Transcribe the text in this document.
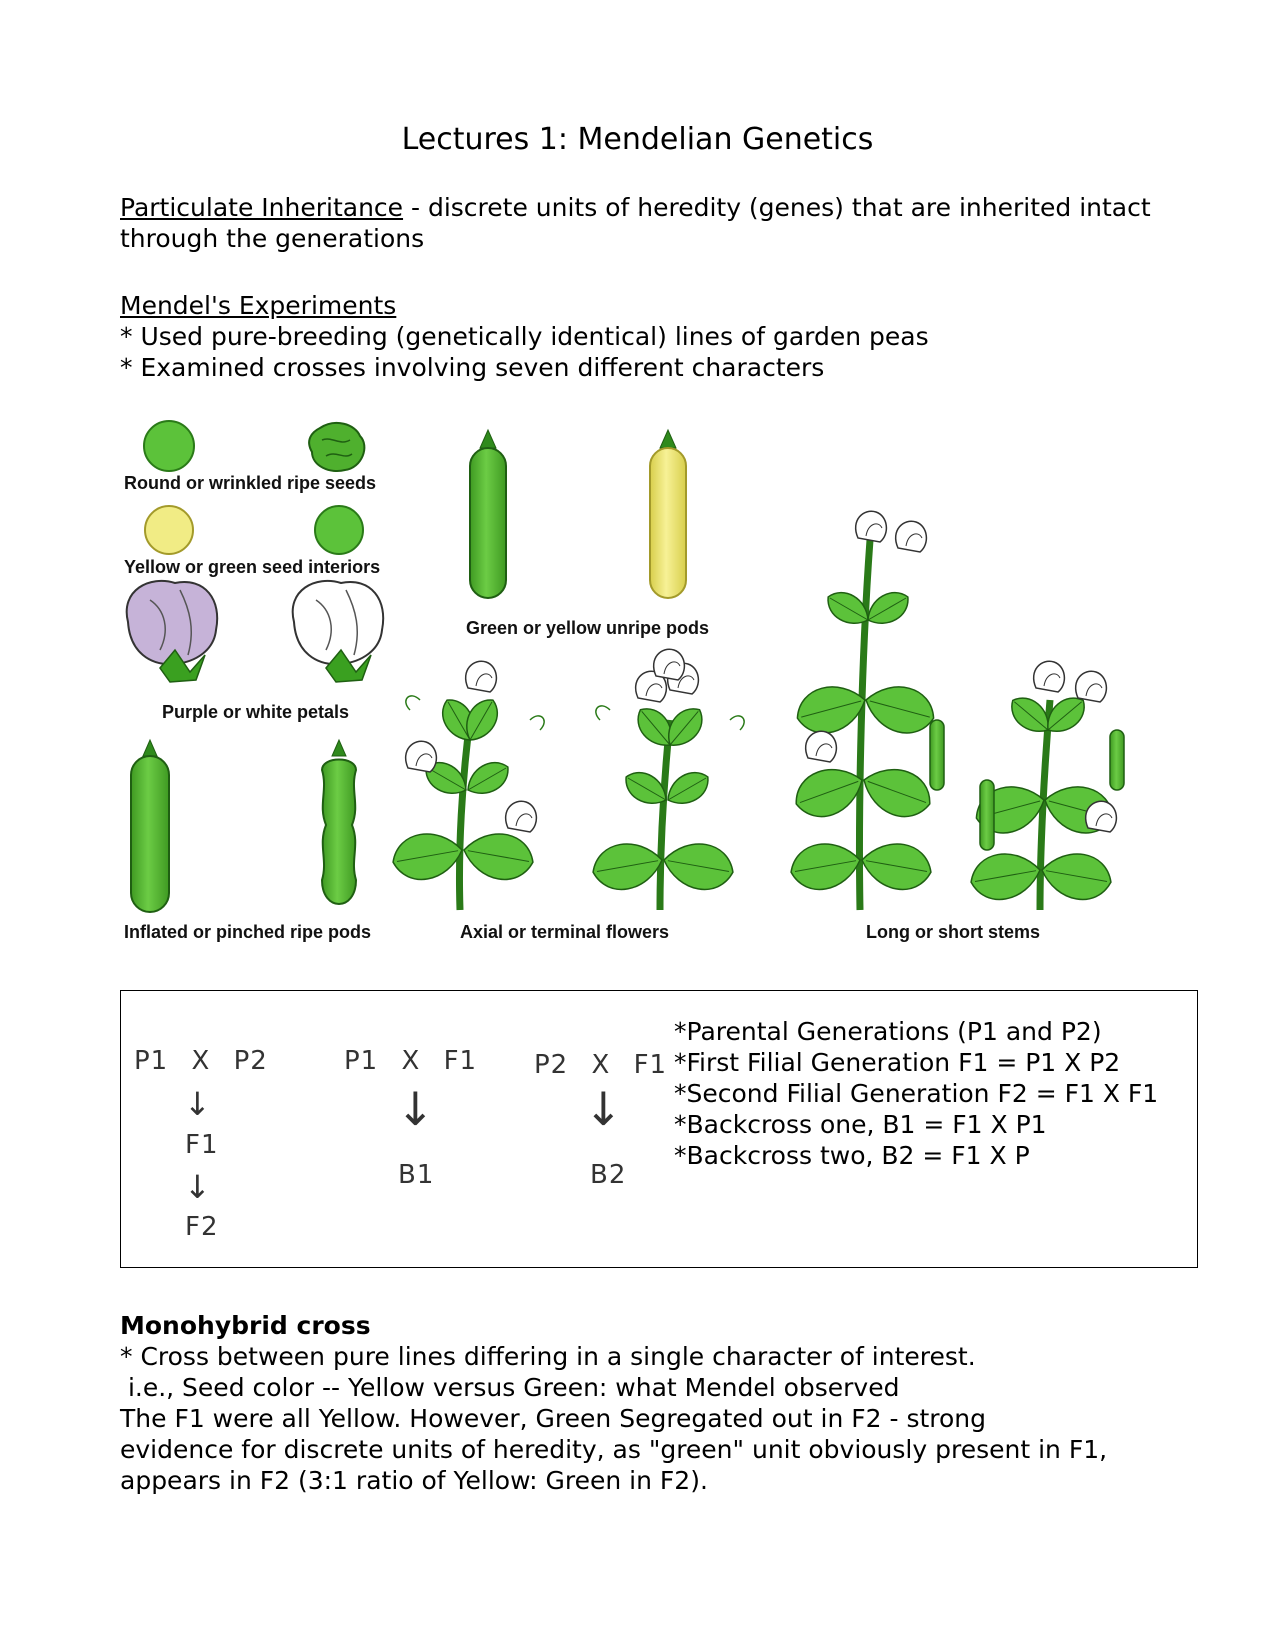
Lectures 1: Mendelian Genetics
Particulate Inheritance - discrete units of heredity (genes) that are inherited intact through the generations
Mendel's Experiments
* Used pure-breeding (genetically identical) lines of garden peas
* Examined crosses involving seven different characters
Round or wrinkled ripe seeds
Yellow or green seed interiors
Green or yellow unripe pods
Purple or white petals
Inflated or pinched ripe pods	Axial or terminal flowers	Long or short stems
P1 X P2
↓
F1
↓
F2
P1 X F1
↓
B1
P2 X F1
↓
B2
*Parental Generations (P1 and P2)
*First Filial Generation F1 = P1 X P2
*Second Filial Generation F2 = F1 X F1
*Backcross one, B1 = F1 X P1
*Backcross two, B2 = F1 X P
Monohybrid cross
* Cross between pure lines differing in a single character of interest.
i.e., Seed color -- Yellow versus Green: what Mendel observed
The F1 were all Yellow. However, Green Segregated out in F2 - strong
evidence for discrete units of heredity, as "green" unit obviously present in F1,
appears in F2 (3:1 ratio of Yellow: Green in F2).
